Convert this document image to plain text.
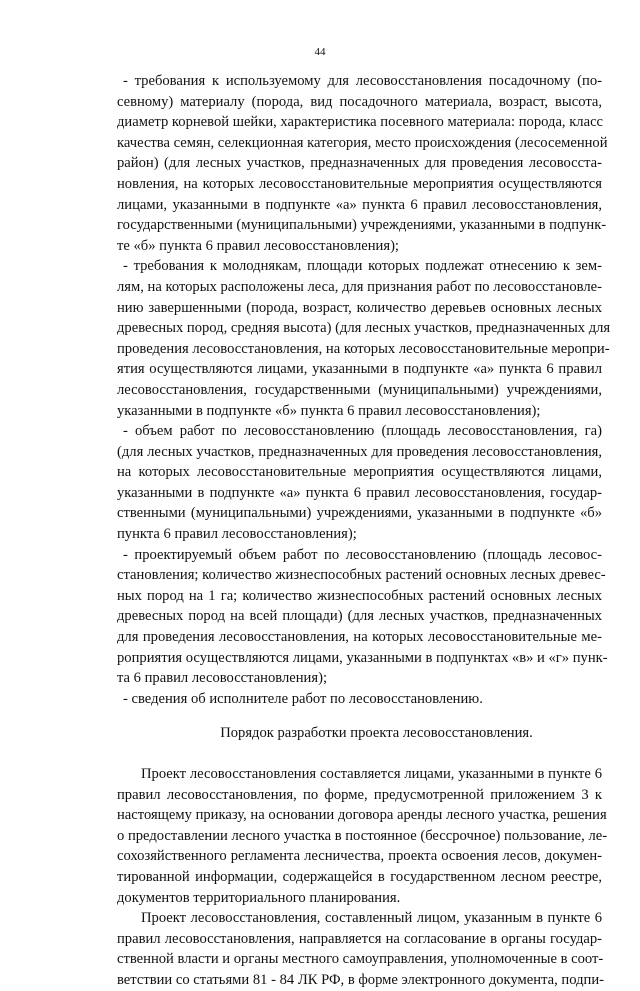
44

- требования к используемому для лесовосстановления посадочному (по-
севному) материалу (порода, вид посадочного материала, возраст, высота,
диаметр корневой шейки, характеристика посевного материала: порода, класс
качества семян, селекционная категория, место происхождения (лесосеменной
район) (для лесных участков, предназначенных для проведения лесовосста-
новления, на которых лесовосстановительные мероприятия осуществляются
лицами, указанными в подпункте «а» пункта 6 правил лесовосстановления,
государственными (муниципальными) учреждениями, указанными в подпунк-
те «б» пункта 6 правил лесовосстановления);

- требования к молоднякам, площади которых подлежат отнесению к зем-
лям, на которых расположены леса, для признания работ по лесовосстановле-
нию завершенными (порода, возраст, количество деревьев основных лесных
древесных пород, средняя высота) (для лесных участков, предназначенных для
проведения лесовосстановления, на которых лесовосстановительные меропри-
ятия осуществляются лицами, указанными в подпункте «а» пункта 6 правил
лесовосстановления, государственными (муниципальными) учреждениями,
указанными в подпункте «б» пункта 6 правил лесовосстановления);

- объем работ по лесовосстановлению (площадь лесовосстановления, га)
(для лесных участков, предназначенных для проведения лесовосстановления,
на которых лесовосстановительные мероприятия осуществляются лицами,
указанными в подпункте «а» пункта 6 правил лесовосстановления, государ-
ственными (муниципальными) учреждениями, указанными в подпункте «б»
пункта 6 правил лесовосстановления);

- проектируемый объем работ по лесовосстановлению (площадь лесовос-
становления; количество жизнеспособных растений основных лесных древес-
ных пород на 1 га; количество жизнеспособных растений основных лесных
древесных пород на всей площади) (для лесных участков, предназначенных
для проведения лесовосстановления, на которых лесовосстановительные ме-
роприятия осуществляются лицами, указанными в подпунктах «в» и «г» пунк-
та 6 правил лесовосстановления);

- сведения об исполнителе работ по лесовосстановлению.

Порядок разработки проекта лесовосстановления.

Проект лесовосстановления составляется лицами, указанными в пункте 6
правил лесовосстановления, по форме, предусмотренной приложением 3 к
настоящему приказу, на основании договора аренды лесного участка, решения
о предоставлении лесного участка в постоянное (бессрочное) пользование, ле-
сохозяйственного регламента лесничества, проекта освоения лесов, докумен-
тированной информации, содержащейся в государственном лесном реестре,
документов территориального планирования.

Проект лесовосстановления, составленный лицом, указанным в пункте 6
правил лесовосстановления, направляется на согласование в органы государ-
ственной власти и органы местного самоуправления, уполномоченные в соот-
ветствии со статьями 81 - 84 ЛК РФ, в форме электронного документа, подпи-
